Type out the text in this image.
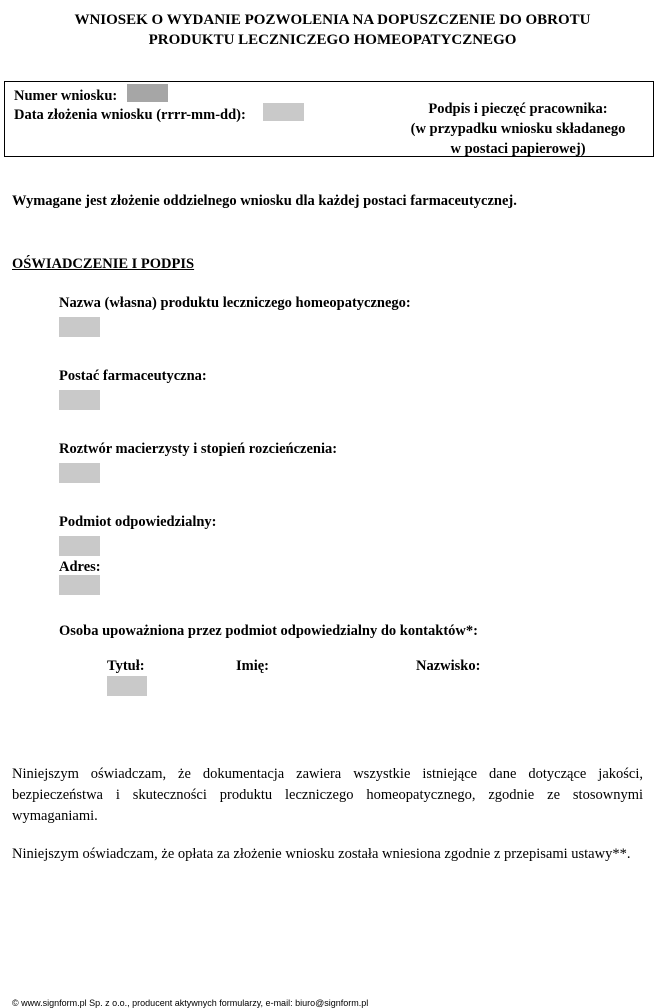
WNIOSEK O WYDANIE POZWOLENIA NA DOPUSZCZENIE DO OBROTU
PRODUKTU LECZNICZEGO HOMEOPATYCZNEGO
Numer wniosku:
Data złożenia wniosku (rrrr-mm-dd):	Podpis i pieczęć pracownika:
(w przypadku wniosku składanego
w postaci papierowej)
Wymagane jest złożenie oddzielnego wniosku dla każdej postaci farmaceutycznej.
OŚWIADCZENIE I PODPIS
Nazwa (własna) produktu leczniczego homeopatycznego:
Postać farmaceutyczna:
Roztwór macierzysty i stopień rozcieńczenia:
Podmiot odpowiedzialny:
Adres:
Osoba upoważniona przez podmiot odpowiedzialny do kontaktów*:
Tytuł:	Imię:	Nazwisko:
Niniejszym oświadczam, że dokumentacja zawiera wszystkie istniejące dane dotyczące jakości, bezpieczeństwa i skuteczności produktu leczniczego homeopatycznego, zgodnie ze stosownymi wymaganiami.
Niniejszym oświadczam, że opłata za złożenie wniosku została wniesiona zgodnie z przepisami ustawy**.
© www.signform.pl Sp. z o.o., producent aktywnych formularzy, e-mail: biuro@signform.pl
